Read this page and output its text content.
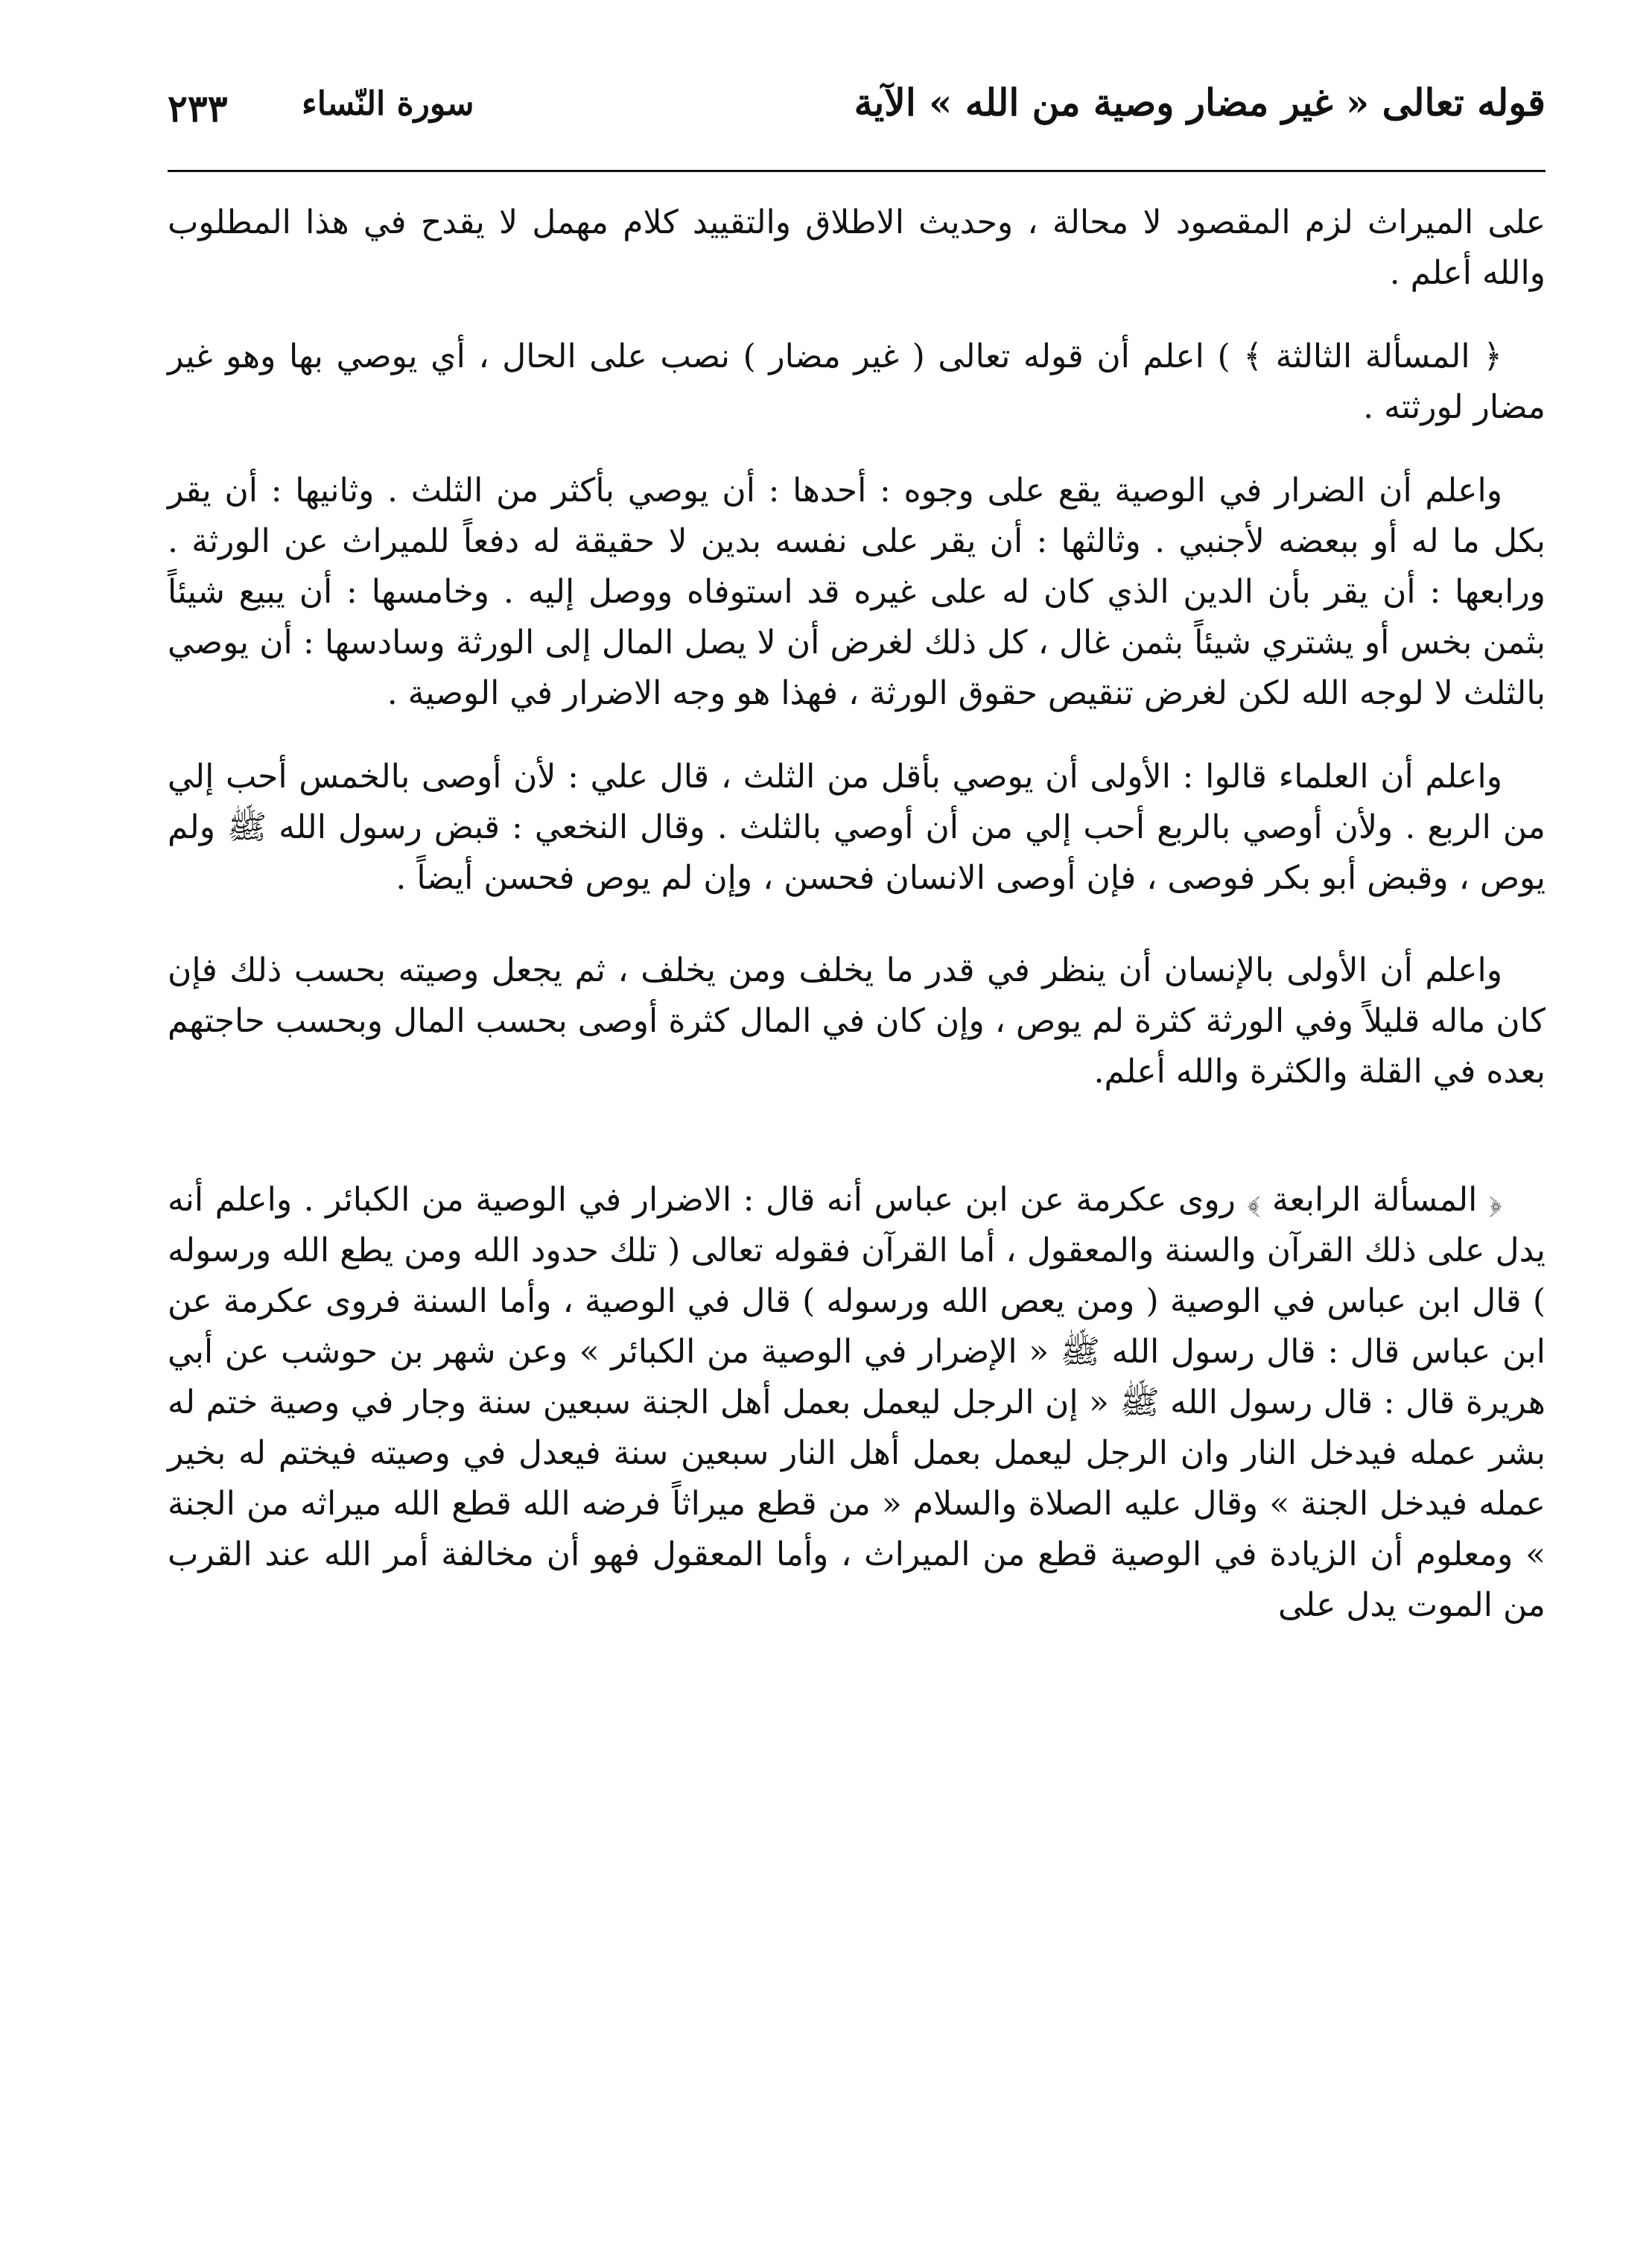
قوله تعالى « غير مضار وصية من الله » الآية
سورة النّساء
٢٣٣

على الميراث لزم المقصود لا محالة ، وحديث الاطلاق والتقييد كلام مهمل لا يقدح في هذا المطلوب والله أعلم .

﴿ المسألة الثالثة ﴾ ) اعلم أن قوله تعالى ( غير مضار ) نصب على الحال ، أي يوصي بها وهو غير مضار لورثته .

واعلم أن الضرار في الوصية يقع على وجوه : أحدها : أن يوصي بأكثر من الثلث . وثانيها : أن يقر بكل ما له أو ببعضه لأجنبي . وثالثها : أن يقر على نفسه بدين لا حقيقة له دفعاً للميراث عن الورثة . ورابعها : أن يقر بأن الدين الذي كان له على غيره قد استوفاه ووصل إليه . وخامسها : أن يبيع شيئاً بثمن بخس أو يشتري شيئاً بثمن غال ، كل ذلك لغرض أن لا يصل المال إلى الورثة وسادسها : أن يوصي بالثلث لا لوجه الله لكن لغرض تنقيص حقوق الورثة ، فهذا هو وجه الاضرار في الوصية .

واعلم أن العلماء قالوا : الأولى أن يوصي بأقل من الثلث ، قال علي : لأن أوصى بالخمس أحب إلي من الربع . ولأن أوصي بالربع أحب إلي من أن أوصي بالثلث . وقال النخعي : قبض رسول الله ﷺ ولم يوص ، وقبض أبو بكر فوصى ، فإن أوصى الانسان فحسن ، وإن لم يوص فحسن أيضاً .

واعلم أن الأولى بالإنسان أن ينظر في قدر ما يخلف ومن يخلف ، ثم يجعل وصيته بحسب ذلك فإن كان ماله قليلاً وفي الورثة كثرة لم يوص ، وإن كان في المال كثرة أوصى بحسب المال وبحسب حاجتهم بعده في القلة والكثرة والله أعلم.

﴿ المسألة الرابعة ﴾ روى عكرمة عن ابن عباس أنه قال : الاضرار في الوصية من الكبائر . واعلم أنه يدل على ذلك القرآن والسنة والمعقول ، أما القرآن فقوله تعالى ( تلك حدود الله ومن يطع الله ورسوله ) قال ابن عباس في الوصية ( ومن يعص الله ورسوله ) قال في الوصية ، وأما السنة فروى عكرمة عن ابن عباس قال : قال رسول الله ﷺ « الإضرار في الوصية من الكبائر » وعن شهر بن حوشب عن أبي هريرة قال : قال رسول الله ﷺ « إن الرجل ليعمل بعمل أهل الجنة سبعين سنة وجار في وصية ختم له بشر عمله فيدخل النار وان الرجل ليعمل بعمل أهل النار سبعين سنة فيعدل في وصيته فيختم له بخير عمله فيدخل الجنة » وقال عليه الصلاة والسلام « من قطع ميراثاً فرضه الله قطع الله ميراثه من الجنة » ومعلوم أن الزيادة في الوصية قطع من الميراث ، وأما المعقول فهو أن مخالفة أمر الله عند القرب من الموت يدل على
